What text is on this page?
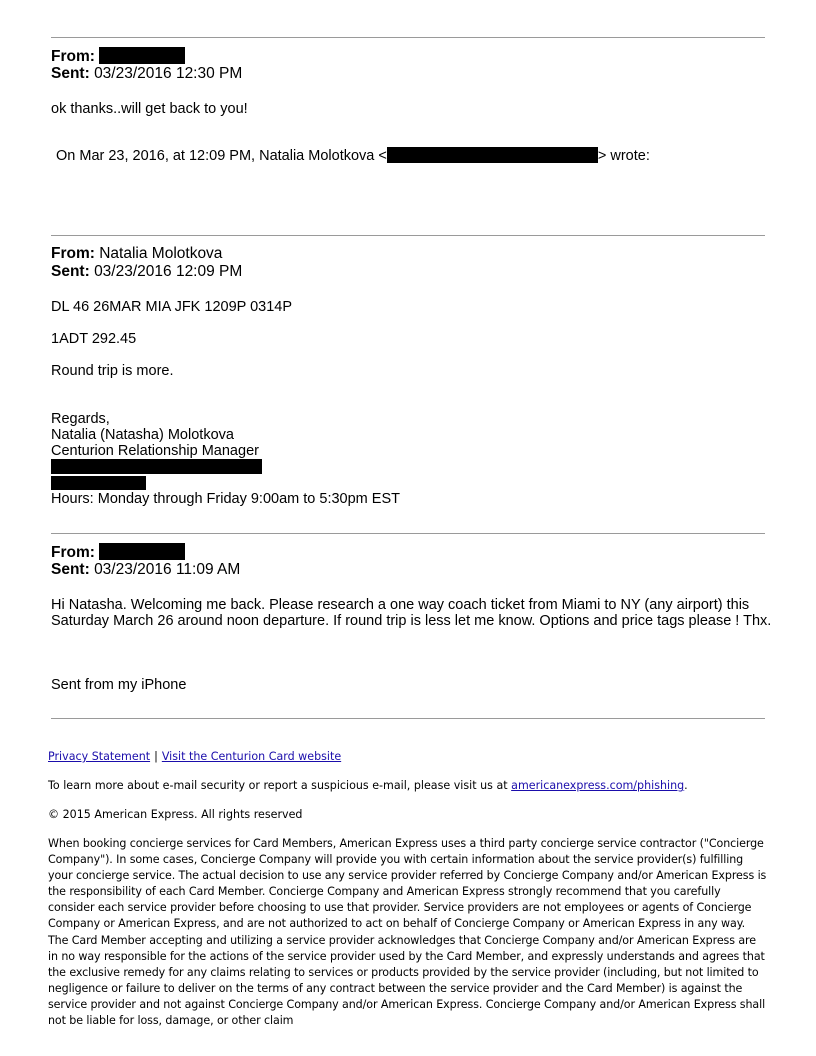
From:
Sent: 03/23/2016 12:30 PM
ok thanks..will get back to you!
On Mar 23, 2016, at 12:09 PM, Natalia Molotkova <	> wrote:
From: Natalia Molotkova
Sent: 03/23/2016 12:09 PM
DL 46 26MAR MIA JFK 1209P 0314P
1ADT 292.45
Round trip is more.
Regards,
Natalia (Natasha) Molotkova
Centurion Relationship Manager
Hours: Monday through Friday 9:00am to 5:30pm EST
From:
Sent: 03/23/2016 11:09 AM
Hi Natasha. Welcoming me back. Please research a one way coach ticket from Miami to NY (any airport) this
Saturday March 26 around noon departure. If round trip is less let me know. Options and price tags please ! Thx.
Sent from my iPhone
Privacy Statement | Visit the Centurion Card website
To learn more about e-mail security or report a suspicious e-mail, please visit us at americanexpress.com/phishing.
© 2015 American Express. All rights reserved
When booking concierge services for Card Members, American Express uses a third party concierge service contractor ("Concierge Company"). In some cases, Concierge Company will provide you with certain information about the service provider(s) fulfilling your concierge service. The actual decision to use any service provider referred by Concierge Company and/or American Express is the responsibility of each Card Member. Concierge Company and American Express strongly recommend that you carefully consider each service provider before choosing to use that provider. Service providers are not employees or agents of Concierge Company or American Express, and are not authorized to act on behalf of Concierge Company or American Express in any way. The Card Member accepting and utilizing a service provider acknowledges that Concierge Company and/or American Express are in no way responsible for the actions of the service provider used by the Card Member, and expressly understands and agrees that the exclusive remedy for any claims relating to services or products provided by the service provider (including, but not limited to negligence or failure to deliver on the terms of any contract between the service provider and the Card Member) is against the service provider and not against Concierge Company and/or American Express. Concierge Company and/or American Express shall not be liable for loss, damage, or other claim
